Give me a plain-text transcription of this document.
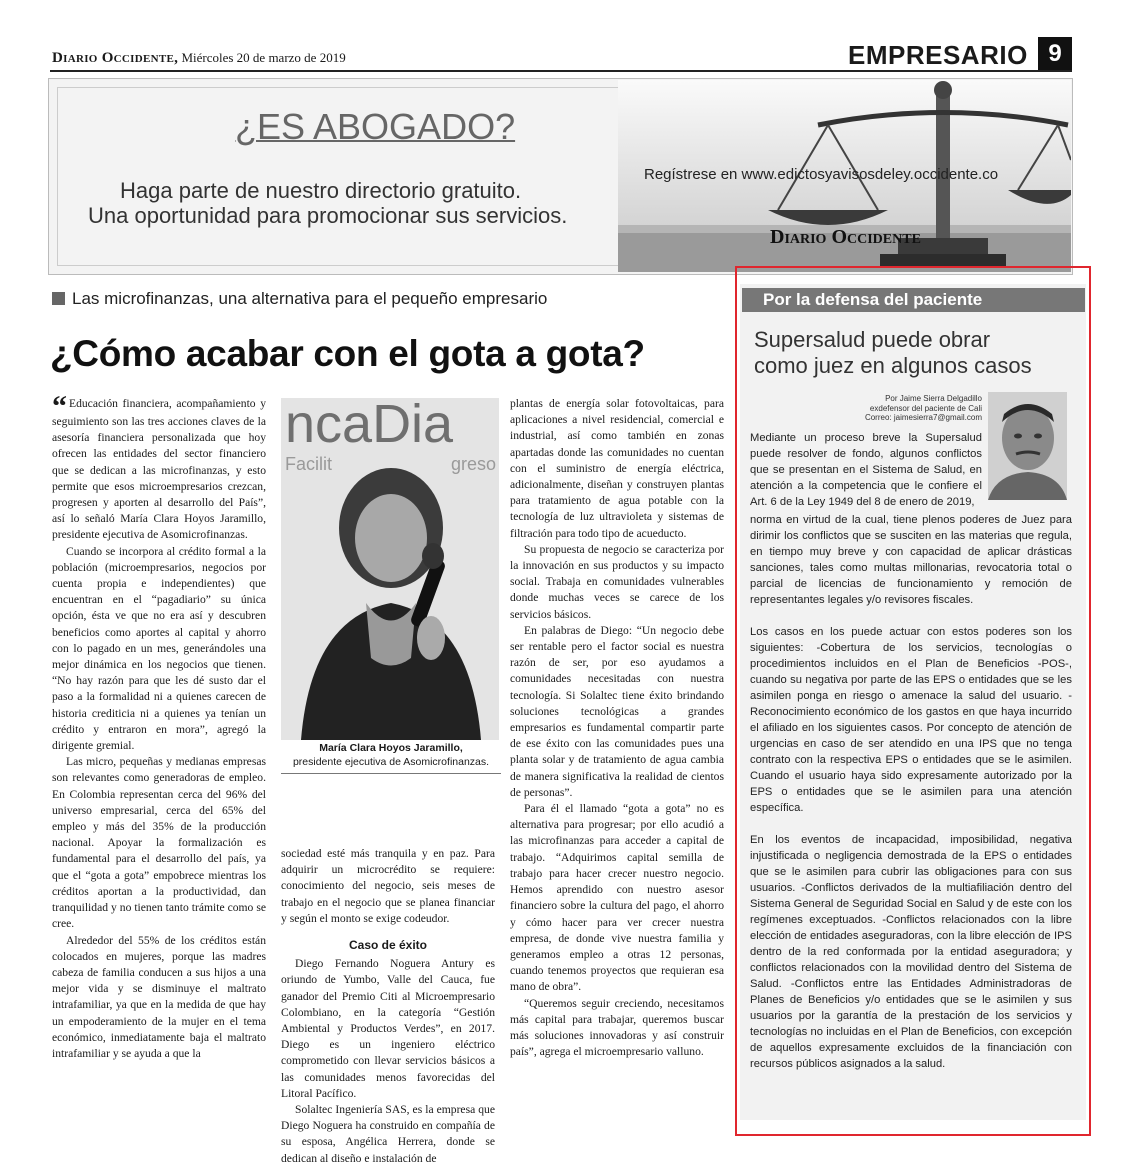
Diario Occidente, Miércoles 20 de marzo de 2019	EMPRESARIO 9
¿ES ABOGADO?
Haga parte de nuestro directorio gratuito.
Una oportunidad para promocionar sus servicios.
Regístrese en www.edictosyavisosdeley.occidente.co
Diario Occidente
Las microfinanzas, una alternativa para el pequeño empresario
¿Cómo acabar con el gota a gota?

“ Educación financiera, acompañamiento y seguimiento son las tres acciones claves de la asesoría financiera personalizada que hoy ofrecen las entidades del sector financiero que se dedican a las microfinanzas, y esto permite que esos microempresarios crezcan, progresen y aporten al desarrollo del País”, así lo señaló María Clara Hoyos Jaramillo, presidente ejecutiva de Asomicrofinanzas.

Cuando se incorpora al crédito formal a la población (microempresarios, negocios por cuenta propia e independientes) que encuentran en el “pagadiario” su única opción, ésta ve que no era así y descubren beneficios como aportes al capital y ahorro con lo pagado en un mes, generándoles una mejor dinámica en los negocios que tienen. “No hay razón para que les dé susto dar el paso a la formalidad ni a quienes carecen de historia crediticia ni a quienes ya tenían un crédito y entraron en mora”, agregó la dirigente gremial.

Las micro, pequeñas y medianas empresas son relevantes como generadoras de empleo. En Colombia representan cerca del 96% del universo empresarial, cerca del 65% del empleo y más del 35% de la producción nacional. Apoyar la formalización es fundamental para el desarrollo del país, ya que el “gota a gota” empobrece mientras los créditos aportan a la productividad, dan tranquilidad y no tienen tanto trámite como se cree.

Alrededor del 55% de los créditos están colocados en mujeres, porque las madres cabeza de familia conducen a sus hijos a una mejor vida y se disminuye el maltrato intrafamiliar, ya que en la medida de que hay un empoderamiento de la mujer en el tema económico, inmediatamente baja el maltrato intrafamiliar y se ayuda a que la

ncaDia
Facilit	greso
María Clara Hoyos Jaramillo,
presidente ejecutiva de Asomicrofinanzas.

sociedad esté más tranquila y en paz. Para adquirir un microcrédito se requiere: conocimiento del negocio, seis meses de trabajo en el negocio que se planea financiar y según el monto se exige codeudor.

Caso de éxito

Diego Fernando Noguera Antury es oriundo de Yumbo, Valle del Cauca, fue ganador del Premio Citi al Microempresario Colombiano, en la categoría “Gestión Ambiental y Productos Verdes”, en 2017. Diego es un ingeniero eléctrico comprometido con llevar servicios básicos a las comunidades menos favorecidas del Litoral Pacífico.

Solaltec Ingeniería SAS, es la empresa que Diego Noguera ha construido en compañía de su esposa, Angélica Herrera, donde se dedican al diseño e instalación de

plantas de energía solar fotovoltaicas, para aplicaciones a nivel residencial, comercial e industrial, así como también en zonas apartadas donde las comunidades no cuentan con el suministro de energía eléctrica, adicionalmente, diseñan y construyen plantas para tratamiento de agua potable con la tecnología de luz ultravioleta y sistemas de filtración para todo tipo de acueducto.

Su propuesta de negocio se caracteriza por la innovación en sus productos y su impacto social. Trabaja en comunidades vulnerables donde muchas veces se carece de los servicios básicos.

En palabras de Diego: “Un negocio debe ser rentable pero el factor social es nuestra razón de ser, por eso ayudamos a comunidades necesitadas con nuestra tecnología. Si Solaltec tiene éxito brindando soluciones tecnológicas a grandes empresarios es fundamental compartir parte de ese éxito con las comunidades pues una planta solar y de tratamiento de agua cambia de manera significativa la realidad de cientos de personas”.

Para él el llamado “gota a gota” no es alternativa para progresar; por ello acudió a las microfinanzas para acceder a capital de trabajo. “Adquirimos capital semilla de trabajo para hacer crecer nuestro negocio. Hemos aprendido con nuestro asesor financiero sobre la cultura del pago, el ahorro y cómo hacer para ver crecer nuestra empresa, de donde vive nuestra familia y generamos empleo a otras 12 personas, cuando tenemos proyectos que requieran esa mano de obra”.

“Queremos seguir creciendo, necesitamos más capital para trabajar, queremos buscar más soluciones innovadoras y así construir país”, agrega el microempresario valluno.

Por la defensa del paciente
Supersalud puede obrar
como juez en algunos casos
Por Jaime Sierra Delgadillo
exdefensor del paciente de Cali
Correo: jaimesierra7@gmail.com
Mediante un proceso breve la Supersalud puede resolver de fondo, algunos conflictos que se presentan en el Sistema de Salud, en atención a la competencia que le confiere el Art. 6 de la Ley 1949 del 8 de enero de 2019,

norma en virtud de la cual, tiene plenos poderes de Juez para dirimir los conflictos que se susciten en las materias que regula, en tiempo muy breve y con capacidad de aplicar drásticas sanciones, tales como multas millonarias, revocatoria total o parcial de licencias de funcionamiento y remoción de representantes legales y/o revisores fiscales.

Los casos en los puede actuar con estos poderes son los siguientes: -Cobertura de los servicios, tecnologías o procedimientos incluidos en el Plan de Beneficios -POS-, cuando su negativa por parte de las EPS o entidades que se les asimilen ponga en riesgo o amenace la salud del usuario. -Reconocimiento económico de los gastos en que haya incurrido el afiliado en los siguientes casos. Por concepto de atención de urgencias en caso de ser atendido en una IPS que no tenga contrato con la respectiva EPS o entidades que se le asimilen. Cuando el usuario haya sido expresamente autorizado por la EPS o entidades que se le asimilen para una atención específica.

En los eventos de incapacidad, imposibilidad, negativa injustificada o negligencia demostrada de la EPS o entidades que se le asimilen para cubrir las obligaciones para con sus usuarios. -Conflictos derivados de la multiafiliación dentro del Sistema General de Seguridad Social en Salud y de este con los regímenes exceptuados. -Conflictos relacionados con la libre elección de entidades aseguradoras, con la libre elección de IPS dentro de la red conformada por la entidad aseguradora; y conflictos relacionados con la movilidad dentro del Sistema de Salud. -Conflictos entre las Entidades Administradoras de Planes de Beneficios y/o entidades que se le asimilen y sus usuarios por la garantía de la prestación de los servicios y tecnologías no incluidas en el Plan de Beneficios, con excepción de aquellos expresamente excluidos de la financiación con recursos públicos asignados a la salud.
